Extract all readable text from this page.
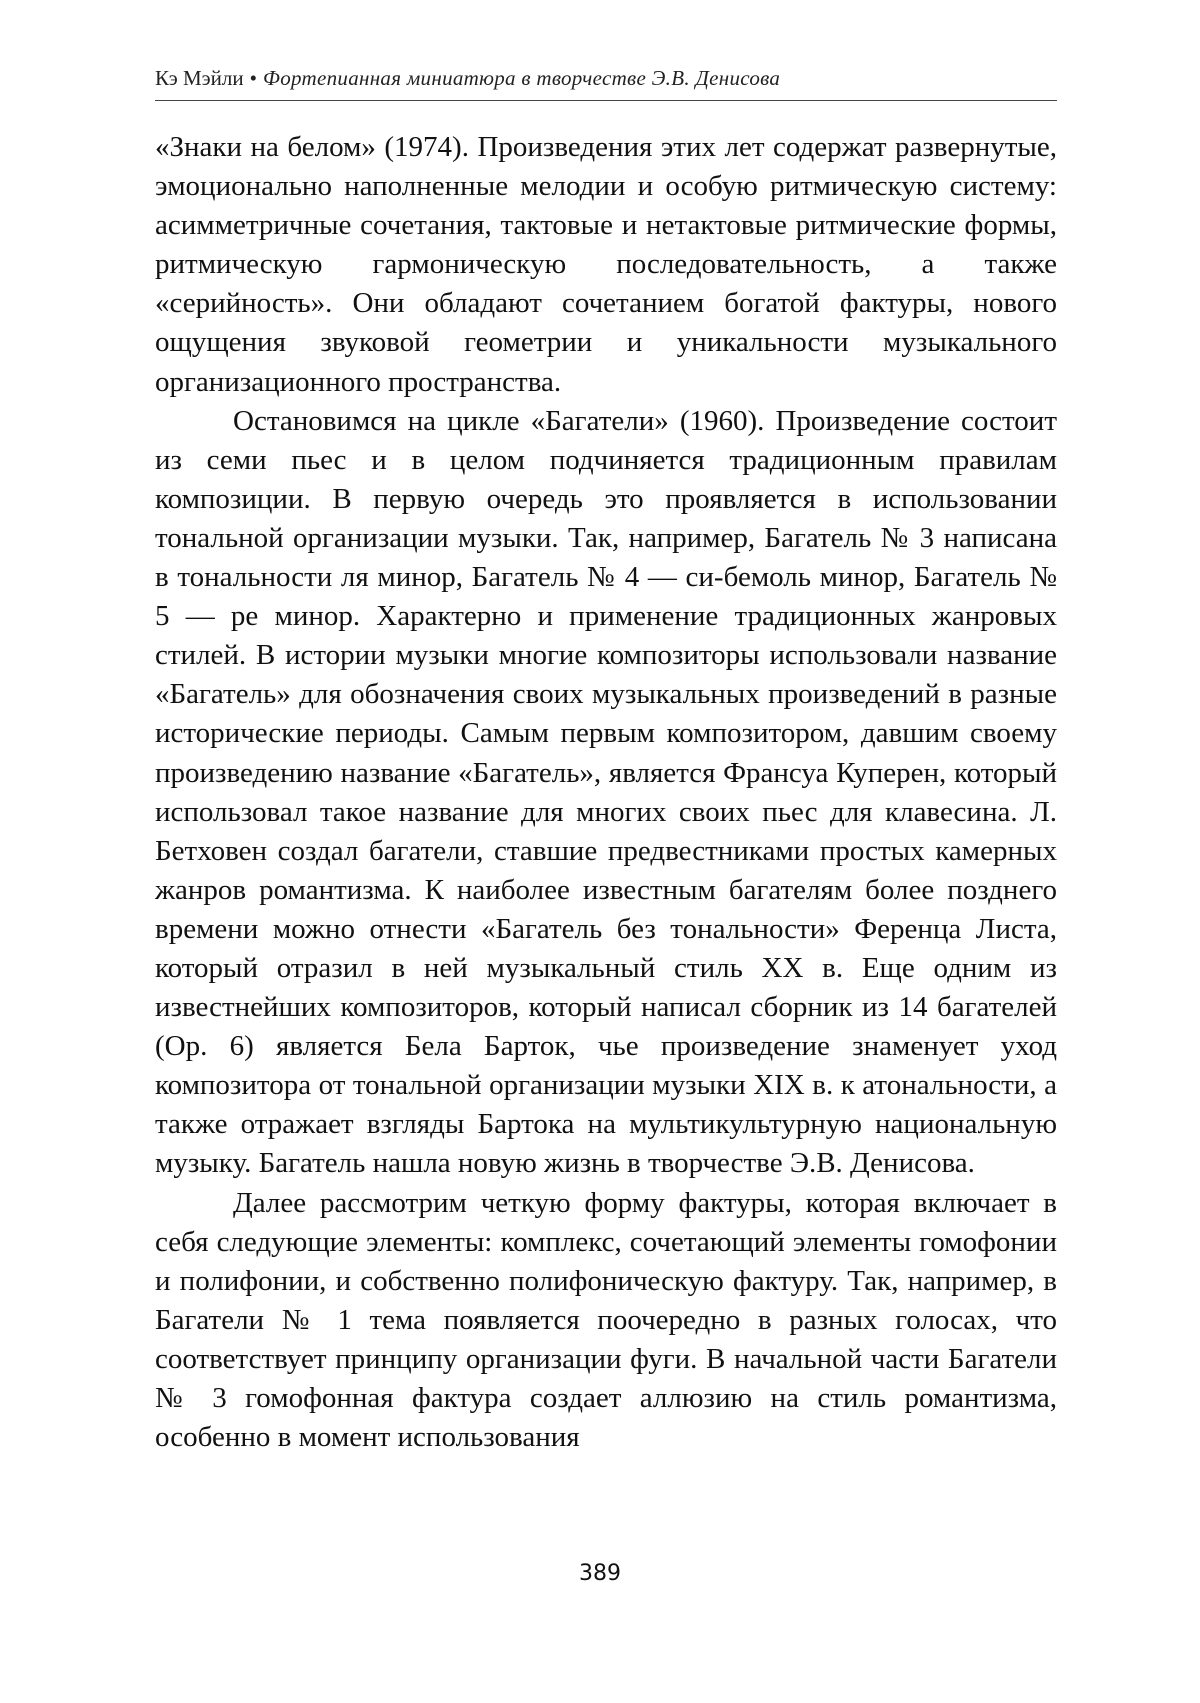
Кэ Мэйли • Фортепианная миниатюра в творчестве Э.В. Денисова

«Знаки на белом» (1974). Произведения этих лет содержат развернутые, эмоционально наполненные мелодии и особую ритмическую систему: асимметричные сочетания, тактовые и нетактовые ритмические формы, ритмическую гармоническую последовательность, а также «серийность». Они обладают сочетанием богатой фактуры, нового ощущения звуковой геометрии и уникальности музыкального организационного пространства.

Остановимся на цикле «Багатели» (1960). Произведение состоит из семи пьес и в целом подчиняется традиционным правилам композиции. В первую очередь это проявляется в использовании тональной организации музыки. Так, например, Багатель № 3 написана в тональности ля минор, Багатель № 4 — си-бемоль минор, Багатель № 5 — ре минор. Характерно и применение традиционных жанровых стилей. В истории музыки многие композиторы использовали название «Багатель» для обозначения своих музыкальных произведений в разные исторические периоды. Самым первым композитором, давшим своему произведению название «Багатель», является Франсуа Куперен, который использовал такое название для многих своих пьес для клавесина. Л. Бетховен создал багатели, ставшие предвестниками простых камерных жанров романтизма. К наиболее известным багателям более позднего времени можно отнести «Багатель без тональности» Ференца Листа, который отразил в ней музыкальный стиль XX в. Еще одним из известнейших композиторов, который написал сборник из 14 багателей (Op. 6) является Бела Барток, чье произведение знаменует уход композитора от тональной организации музыки XIX в. к атональности, а также отражает взгляды Бартока на мультикультурную национальную музыку. Багатель нашла новую жизнь в творчестве Э.В. Денисова.

Далее рассмотрим четкую форму фактуры, которая включает в себя следующие элементы: комплекс, сочетающий элементы гомофонии и полифонии, и собственно полифоническую фактуру. Так, например, в Багатели № 1 тема появляется поочередно в разных голосах, что соответствует принципу организации фуги. В начальной части Багатели № 3 гомофонная фактура создает аллюзию на стиль романтизма, особенно в момент использования

389
